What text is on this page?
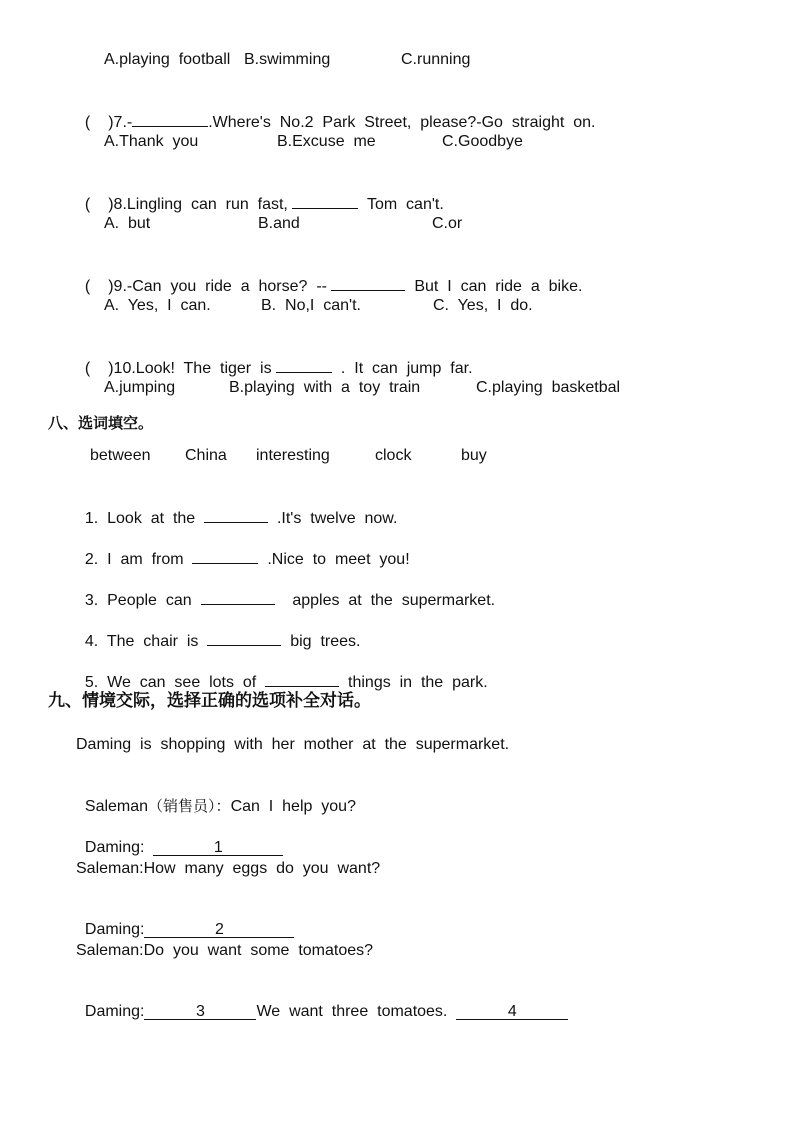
A.playing  football B.swimming	C.running

( )7.-	.Where's  No.2  Park  Street,  please?-Go  straight  on.

A.Thank  you	B.Excuse  me	C.Goodbye

( )8.Lingling  can  run  fast,	Tom  can't.

A.  but	B.and	C.or

( )9.-Can  you  ride  a  horse?  --	But  I  can  ride  a  bike.

A.  Yes,  I  can.	B.  No,I  can't.	C.  Yes,  I  do.

( )10.Look!  The  tiger  is	.  It  can  jump  far.

A.jumping	B.playing  with  a  toy  train	C.playing  basketbal
八、选词填空。
between China interesting	clock	buy

1.  Look  at  the	.It's  twelve  now.

2.  I  am  from	.Nice  to  meet  you!

3.  People  can	apples  at  the  supermarket.

4.  The  chair  is	big  trees.

5.  We  can  see  lots  of	things  in  the  park.

九、情境交际，选择正确的选项补全对话。
Daming  is  shopping  with  her  mother  at  the  supermarket.

Saleman（销售员）：Can  I  help  you?

Daming:	1

Saleman:How  many  eggs  do  you  want?

Daming:	2

Saleman:Do  you  want  some  tomatoes?

Daming:	3	We  want  three  tomatoes.	4
